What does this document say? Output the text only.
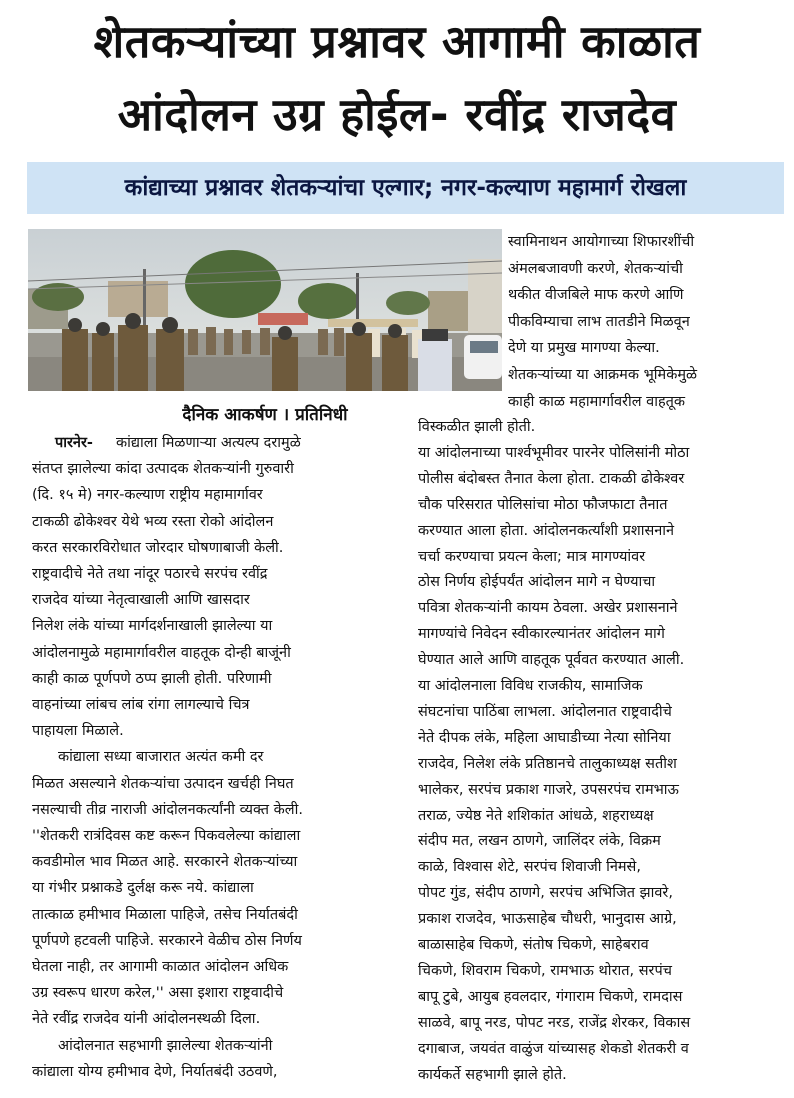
शेतकऱ्यांच्या प्रश्नावर आगामी काळात
आंदोलन उग्र होईल- रवींद्र राजदेव
कांद्याच्या प्रश्नावर शेतकऱ्यांचा एल्गार; नगर-कल्याण महामार्ग रोखला
दैनिक आकर्षण । प्रतिनिधी
कांद्याला मिळणाऱ्या अत्यल्प दरामुळे
संतप्त झालेल्या कांदा उत्पादक शेतकऱ्यांनी गुरुवारी
(दि. १५ मे) नगर-कल्याण राष्ट्रीय महामार्गावर
टाकळी ढोकेश्वर येथे भव्य रस्ता रोको आंदोलन
करत सरकारविरोधात जोरदार घोषणाबाजी केली.
राष्ट्रवादीचे नेते तथा नांदूर पठारचे सरपंच रवींद्र
राजदेव यांच्या नेतृत्वाखाली आणि खासदार
निलेश लंके यांच्या मार्गदर्शनाखाली झालेल्या या
आंदोलनामुळे महामार्गावरील वाहतूक दोन्ही बाजूंनी
काही काळ पूर्णपणे ठप्प झाली होती. परिणामी
वाहनांच्या लांबच लांब रांगा लागल्याचे चित्र
पाहायला मिळाले.
कांद्याला सध्या बाजारात अत्यंत कमी दर
मिळत असल्याने शेतकऱ्यांचा उत्पादन खर्चही निघत
नसल्याची तीव्र नाराजी आंदोलनकर्त्यांनी व्यक्त केली.
''शेतकरी रात्रंदिवस कष्ट करून पिकवलेल्या कांद्याला
कवडीमोल भाव मिळत आहे. सरकारने शेतकऱ्यांच्या
या गंभीर प्रश्नाकडे दुर्लक्ष करू नये. कांद्याला
तात्काळ हमीभाव मिळाला पाहिजे, तसेच निर्यातबंदी
पूर्णपणे हटवली पाहिजे. सरकारने वेळीच ठोस निर्णय
घेतला नाही, तर आगामी काळात आंदोलन अधिक
उग्र स्वरूप धारण करेल,'' असा इशारा राष्ट्रवादीचे
नेते रवींद्र राजदेव यांनी आंदोलनस्थळी दिला.
आंदोलनात सहभागी झालेल्या शेतकऱ्यांनी
कांद्याला योग्य हमीभाव देणे, निर्यातबंदी उठवणे,
पारनेर-
स्वामिनाथन आयोगाच्या शिफारशींची
अंमलबजावणी करणे, शेतकऱ्यांची
थकीत वीजबिले माफ करणे आणि
पीकविम्याचा लाभ तातडीने मिळवून
देणे या प्रमुख मागण्या केल्या.
शेतकऱ्यांच्या या आक्रमक भूमिकेमुळे
काही काळ महामार्गावरील वाहतूक
विस्कळीत झाली होती.
या आंदोलनाच्या पार्श्वभूमीवर पारनेर पोलिसांनी मोठा
पोलीस बंदोबस्त तैनात केला होता. टाकळी ढोकेश्वर
चौक परिसरात पोलिसांचा मोठा फौजफाटा तैनात
करण्यात आला होता. आंदोलनकर्त्यांशी प्रशासनाने
चर्चा करण्याचा प्रयत्न केला; मात्र मागण्यांवर
ठोस निर्णय होईपर्यंत आंदोलन मागे न घेण्याचा
पवित्रा शेतकऱ्यांनी कायम ठेवला. अखेर प्रशासनाने
मागण्यांचे निवेदन स्वीकारल्यानंतर आंदोलन मागे
घेण्यात आले आणि वाहतूक पूर्ववत करण्यात आली.
या आंदोलनाला विविध राजकीय, सामाजिक
संघटनांचा पाठिंबा लाभला. आंदोलनात राष्ट्रवादीचे
नेते दीपक लंके, महिला आघाडीच्या नेत्या सोनिया
राजदेव, निलेश लंके प्रतिष्ठानचे तालुकाध्यक्ष सतीश
भालेकर, सरपंच प्रकाश गाजरे, उपसरपंच रामभाऊ
तराळ, ज्येष्ठ नेते शशिकांत आंधळे, शहराध्यक्ष
संदीप मत, लखन ठाणगे, जालिंदर लंके, विक्रम
काळे, विश्वास शेटे, सरपंच शिवाजी निमसे,
पोपट गुंड, संदीप ठाणगे, सरपंच अभिजित झावरे,
प्रकाश राजदेव, भाऊसाहेब चौधरी, भानुदास आग्रे,
बाळासाहेब चिकणे, संतोष चिकणे, साहेबराव
चिकणे, शिवराम चिकणे, रामभाऊ थोरात, सरपंच
बापू टुबे, आयुब हवलदार, गंगाराम चिकणे, रामदास
साळवे, बापू नरड, पोपट नरड, राजेंद्र शेरकर, विकास
दगाबाज, जयवंत वाळुंज यांच्यासह शेकडो शेतकरी व
कार्यकर्ते सहभागी झाले होते.
